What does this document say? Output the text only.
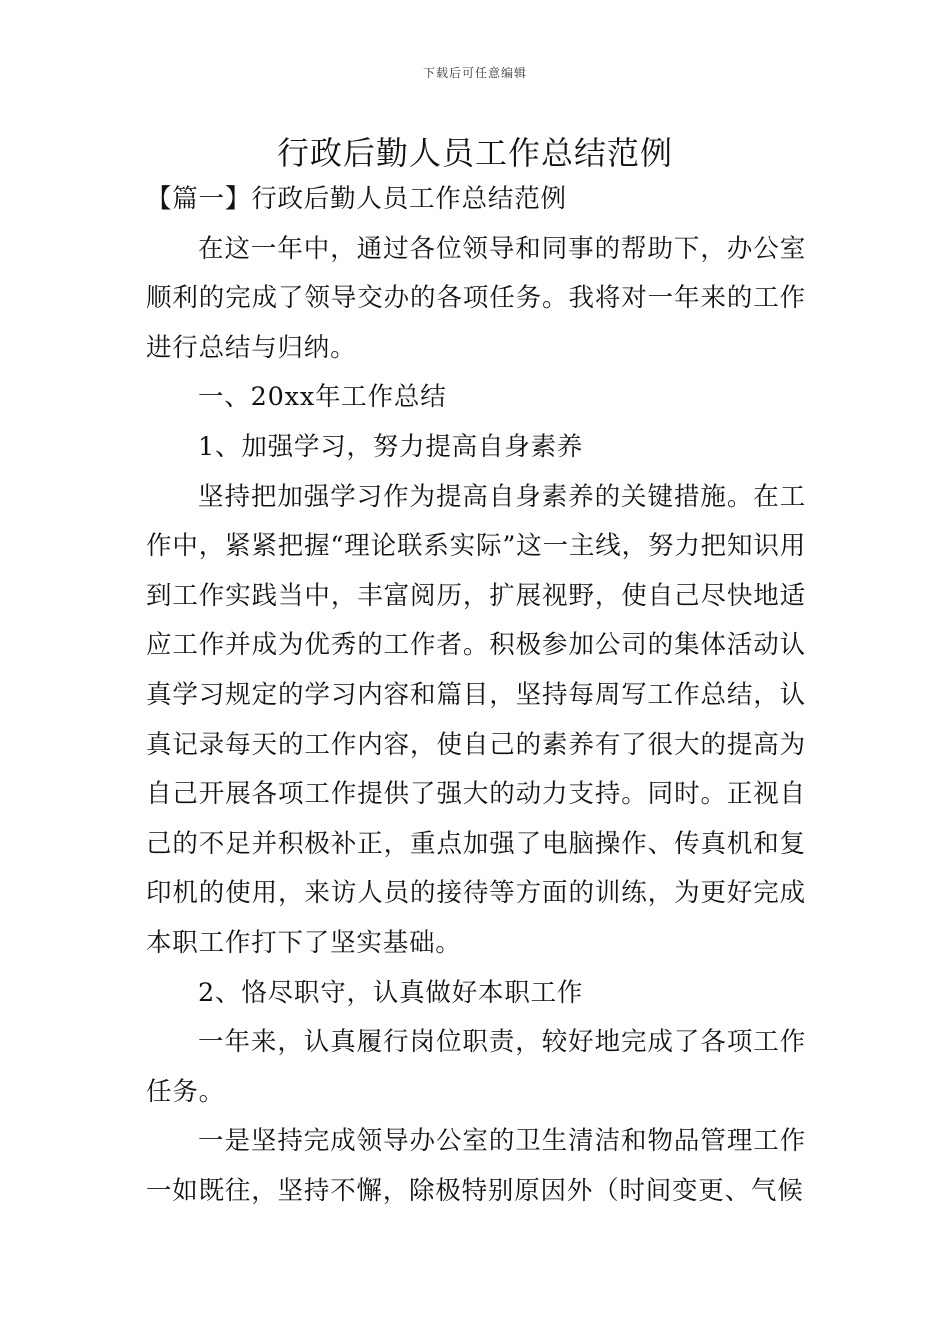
下载后可任意编辑
行政后勤人员工作总结范例

【篇一】行政后勤人员工作总结范例

在这一年中，通过各位领导和同事的帮助下，办公室顺利的完成了领导交办的各项任务。我将对一年来的工作进行总结与归纳。

一、20xx年工作总结

1、加强学习，努力提高自身素养

坚持把加强学习作为提高自身素养的关键措施。在工作中，紧紧把握“理论联系实际”这一主线，努力把知识用到工作实践当中，丰富阅历，扩展视野，使自己尽快地适应工作并成为优秀的工作者。积极参加公司的集体活动认真学习规定的学习内容和篇目，坚持每周写工作总结，认真记录每天的工作内容，使自己的素养有了很大的提高为自己开展各项工作提供了强大的动力支持。同时。正视自己的不足并积极补正，重点加强了电脑操作、传真机和复印机的使用，来访人员的接待等方面的训练，为更好完成本职工作打下了坚实基础。

2、恪尽职守，认真做好本职工作

一年来，认真履行岗位职责，较好地完成了各项工作任务。

一是坚持完成领导办公室的卫生清洁和物品管理工作一如既往，坚持不懈，除极特别原因外（时间变更、气候
